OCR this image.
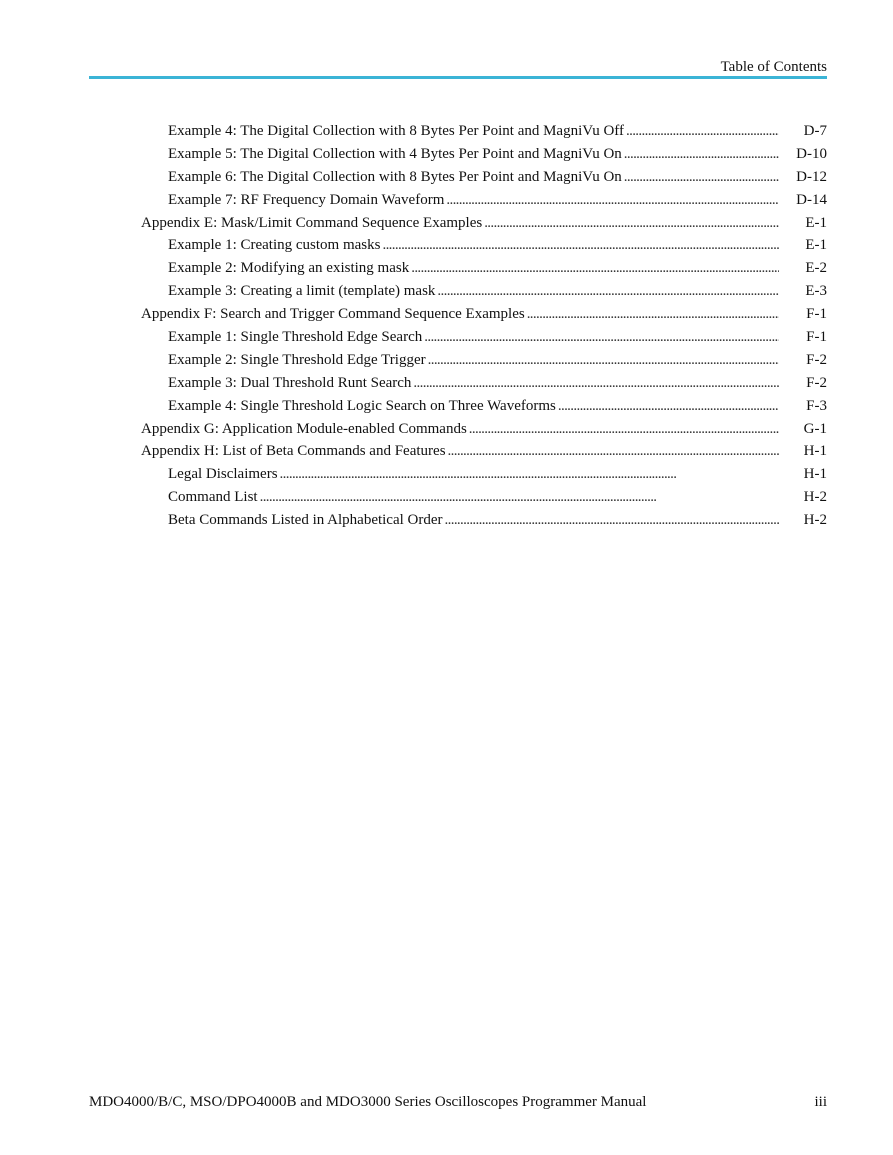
Table of Contents
Example 4: The Digital Collection with 8 Bytes Per Point and MagniVu Off . . .	D-7
Example 5: The Digital Collection with 4 Bytes Per Point and MagniVu On . . .	D-10
Example 6: The Digital Collection with 8 Bytes Per Point and MagniVu On . . .	D-12
Example 7: RF Frequency Domain Waveform . . .	D-14
Appendix E: Mask/Limit Command Sequence Examples . . .	E-1
Example 1: Creating custom masks . . .	E-1
Example 2: Modifying an existing mask . . .	E-2
Example 3: Creating a limit (template) mask . . .	E-3
Appendix F: Search and Trigger Command Sequence Examples . . .	F-1
Example 1: Single Threshold Edge Search . . .	F-1
Example 2: Single Threshold Edge Trigger . . .	F-2
Example 3: Dual Threshold Runt Search . . .	F-2
Example 4: Single Threshold Logic Search on Three Waveforms . . .	F-3
Appendix G: Application Module-enabled Commands . . .	G-1
Appendix H: List of Beta Commands and Features . . .	H-1
Legal Disclaimers . . .	H-1
Command List . . .	H-2
Beta Commands Listed in Alphabetical Order . . .	H-2
MDO4000/B/C, MSO/DPO4000B and MDO3000 Series Oscilloscopes Programmer Manual	iii
